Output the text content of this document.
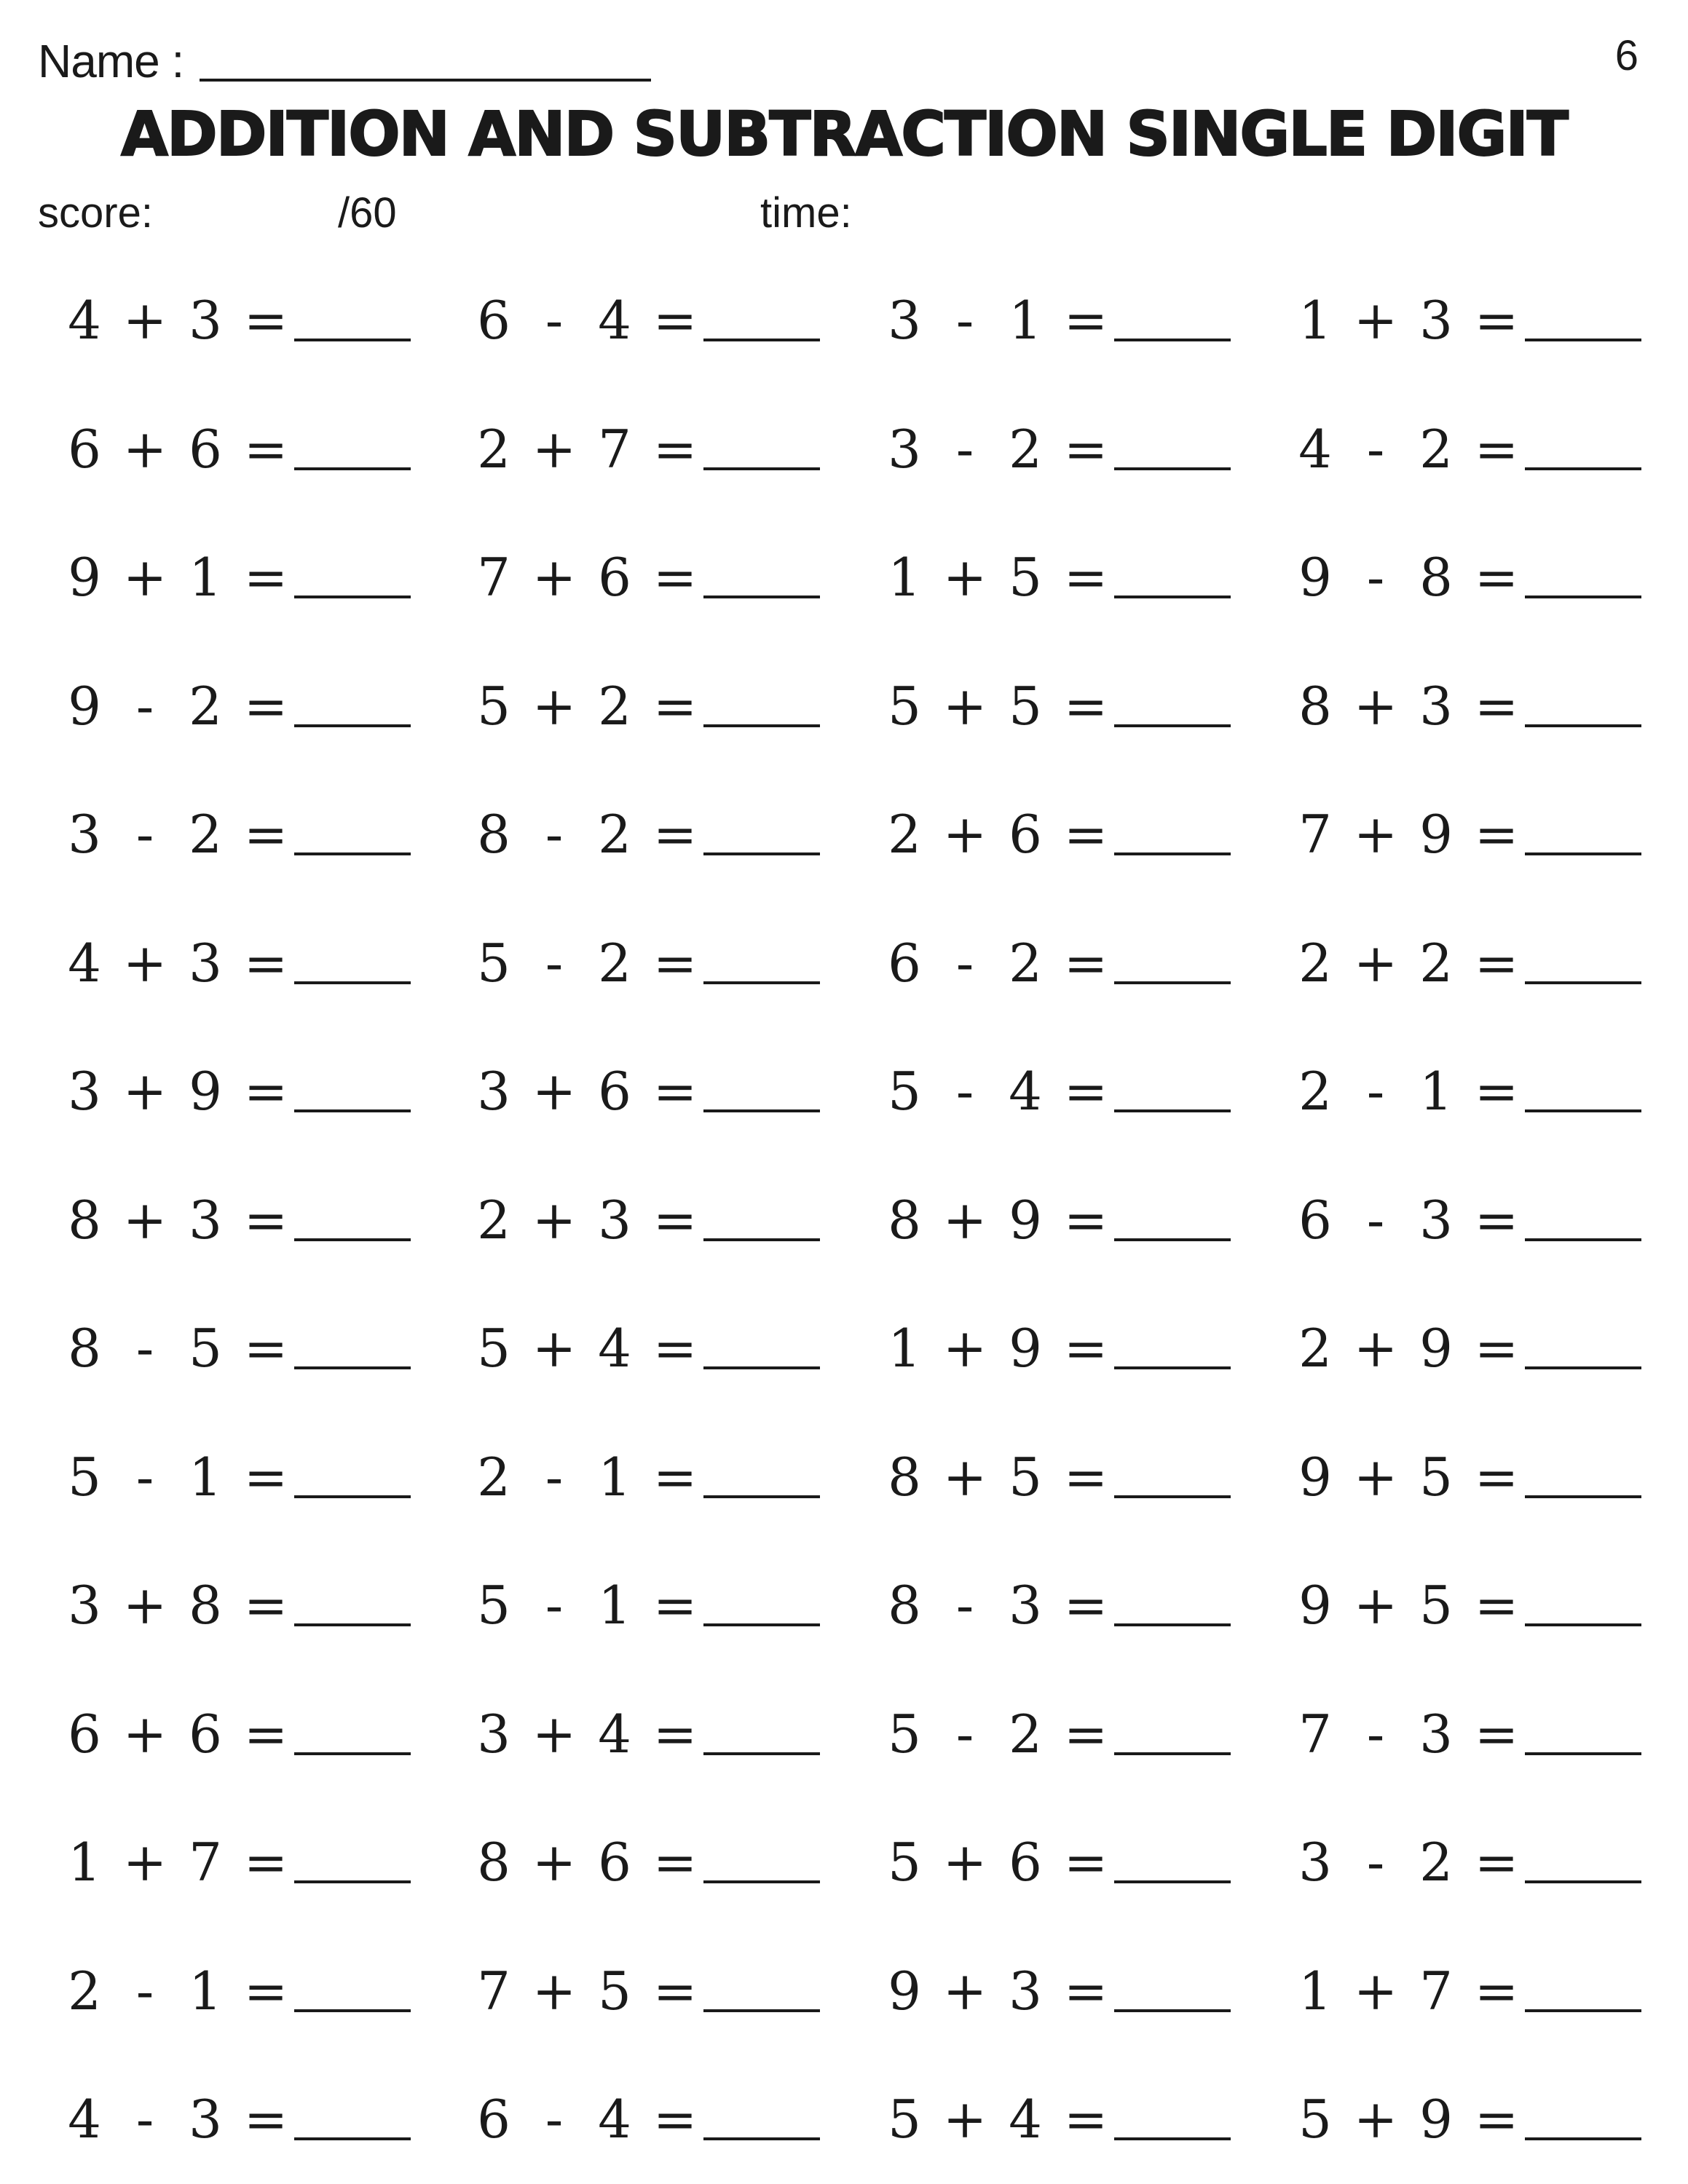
Name :	6
ADDITION AND SUBTRACTION SINGLE DIGIT
score:	/60	time:
4 + 3 =	6 - 4 =	3 - 1 =	1 + 3 =
6 + 6 =	2 + 7 =	3 - 2 =	4 - 2 =
9 + 1 =	7 + 6 =	1 + 5 =	9 - 8 =
9 - 2 =	5 + 2 =	5 + 5 =	8 + 3 =
3 - 2 =	8 - 2 =	2 + 6 =	7 + 9 =
4 + 3 =	5 - 2 =	6 - 2 =	2 + 2 =
3 + 9 =	3 + 6 =	5 - 4 =	2 - 1 =
8 + 3 =	2 + 3 =	8 + 9 =	6 - 3 =
8 - 5 =	5 + 4 =	1 + 9 =	2 + 9 =
5 - 1 =	2 - 1 =	8 + 5 =	9 + 5 =
3 + 8 =	5 - 1 =	8 - 3 =	9 + 5 =
6 + 6 =	3 + 4 =	5 - 2 =	7 - 3 =
1 + 7 =	8 + 6 =	5 + 6 =	3 - 2 =
2 - 1 =	7 + 5 =	9 + 3 =	1 + 7 =
4 - 3 =	6 - 4 =	5 + 4 =	5 + 9 =
